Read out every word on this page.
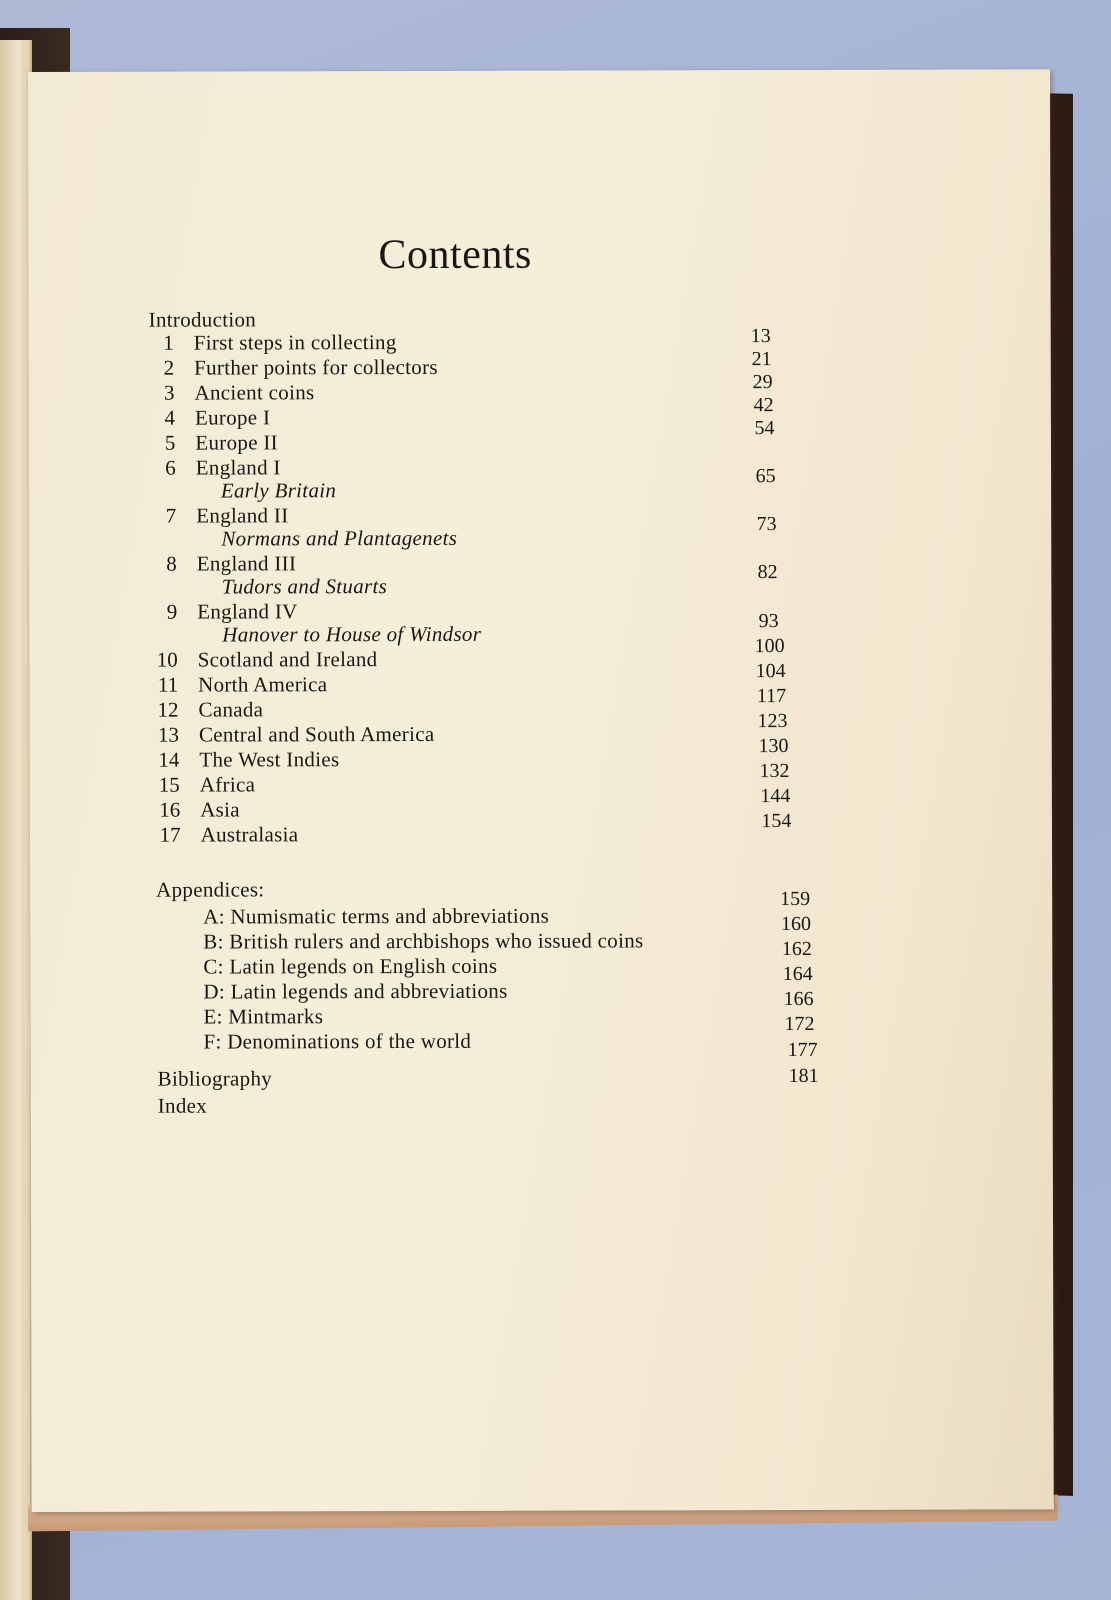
Contents
Introduction
1 First steps in collecting
2 Further points for collectors
3 Ancient coins
4 Europe I
5 Europe II
6 England I
Early Britain
7 England II
Normans and Plantagenets
8 England III
Tudors and Stuarts
9 England IV
Hanover to House of Windsor
10 Scotland and Ireland
11 North America
12 Canada
13 Central and South America
14 The West Indies
15 Africa
16 Asia
17 Australasia
13
21
29
42
54
65
73
82
93
100
104
117
123
130
132
144
154
Appendices:
A: Numismatic terms and abbreviations
B: British rulers and archbishops who issued coins
C: Latin legends on English coins
D: Latin legends and abbreviations
E: Mintmarks
F: Denominations of the world
159
160
162
164
166
172
Bibliography
177
Index
181
